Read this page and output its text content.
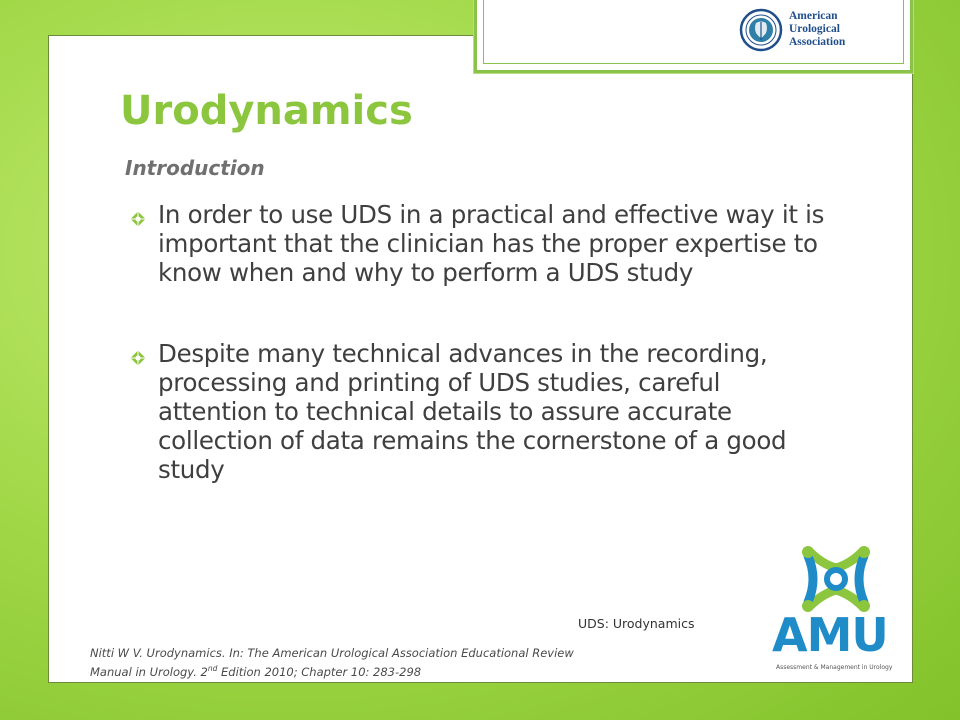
American
Urological
Association
Urodynamics

Introduction

In order to use UDS in a practical and effective way it is important that the clinician has the proper expertise to know when and why to perform a UDS study
Despite many technical advances in the recording, processing and printing of UDS studies, careful attention to technical details to assure accurate collection of data remains the cornerstone of a good study

UDS: Urodynamics

Nitti W V. Urodynamics. In: The American Urological Association Educational Review
Manual in Urology. 2nd Edition 2010; Chapter 10: 283-298

AMU

Assessment & Management in Urology
